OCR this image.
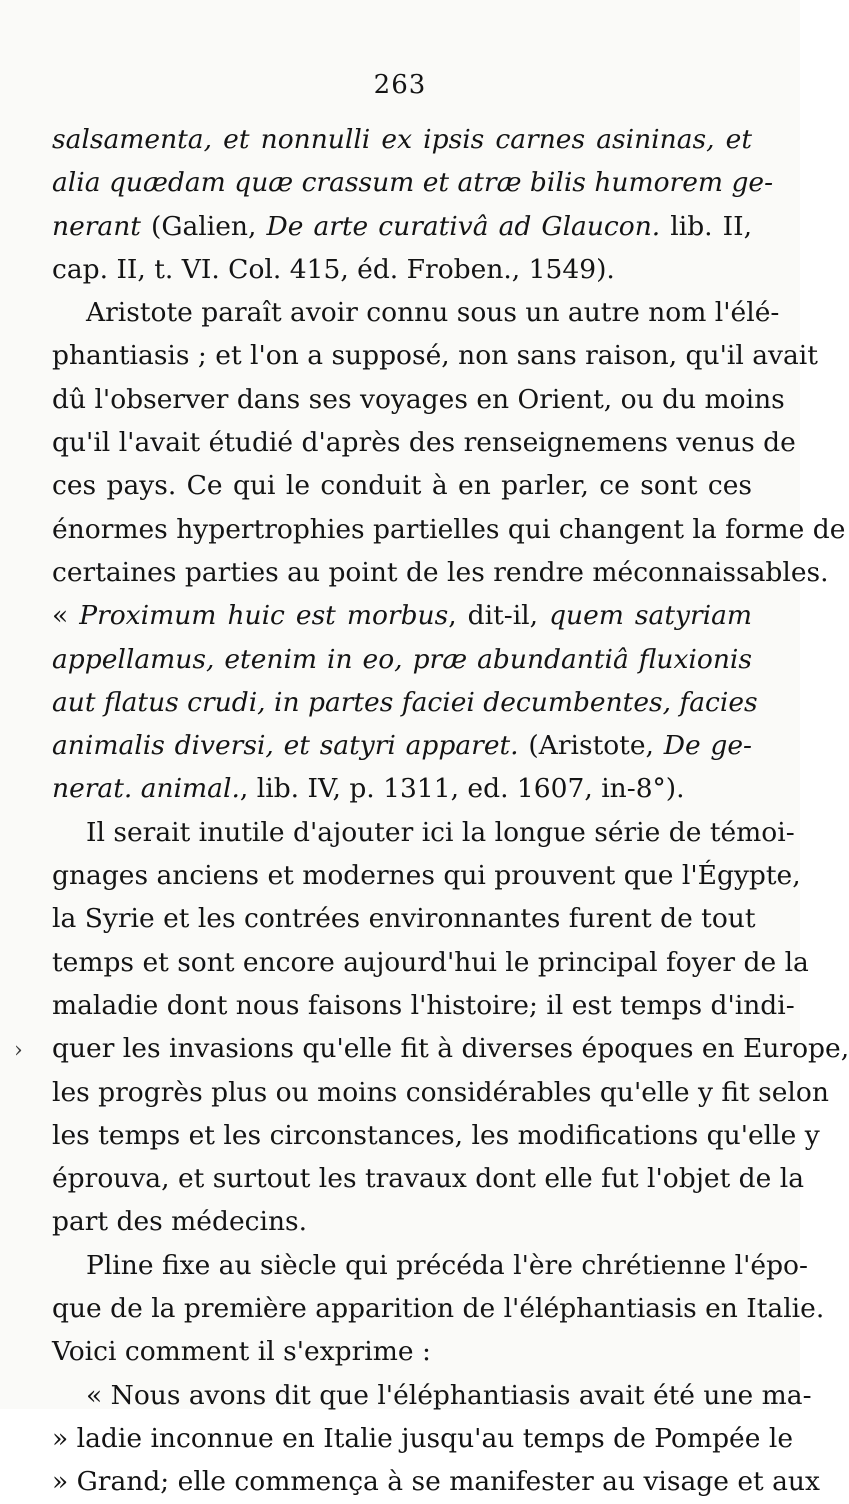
263
›
salsamenta, et nonnulli ex ipsis carnes asininas, et
alia quædam quæ crassum et atræ bilis humorem ge-
nerant (Galien, De arte curativâ ad Glaucon. lib. II,
cap. II, t. VI. Col. 415, éd. Froben., 1549).
Aristote paraît avoir connu sous un autre nom l'élé-
phantiasis ; et l'on a supposé, non sans raison, qu'il avait
dû l'observer dans ses voyages en Orient, ou du moins
qu'il l'avait étudié d'après des renseignemens venus de
ces pays. Ce qui le conduit à en parler, ce sont ces
énormes hypertrophies partielles qui changent la forme de
certaines parties au point de les rendre méconnaissables.
« Proximum huic est morbus, dit-il, quem satyriam
appellamus, etenim in eo, præ abundantiâ fluxionis
aut flatus crudi, in partes faciei decumbentes, facies
animalis diversi, et satyri apparet. (Aristote, De ge-
nerat. animal., lib. IV, p. 1311, ed. 1607, in-8°).
Il serait inutile d'ajouter ici la longue série de témoi-
gnages anciens et modernes qui prouvent que l'Égypte,
la Syrie et les contrées environnantes furent de tout
temps et sont encore aujourd'hui le principal foyer de la
maladie dont nous faisons l'histoire; il est temps d'indi-
quer les invasions qu'elle fit à diverses époques en Europe,
les progrès plus ou moins considérables qu'elle y fit selon
les temps et les circonstances, les modifications qu'elle y
éprouva, et surtout les travaux dont elle fut l'objet de la
part des médecins.
Pline fixe au siècle qui précéda l'ère chrétienne l'épo-
que de la première apparition de l'éléphantiasis en Italie.
Voici comment il s'exprime :
« Nous avons dit que l'éléphantiasis avait été une ma-
» ladie inconnue en Italie jusqu'au temps de Pompée le
» Grand; elle commença à se manifester au visage et aux
